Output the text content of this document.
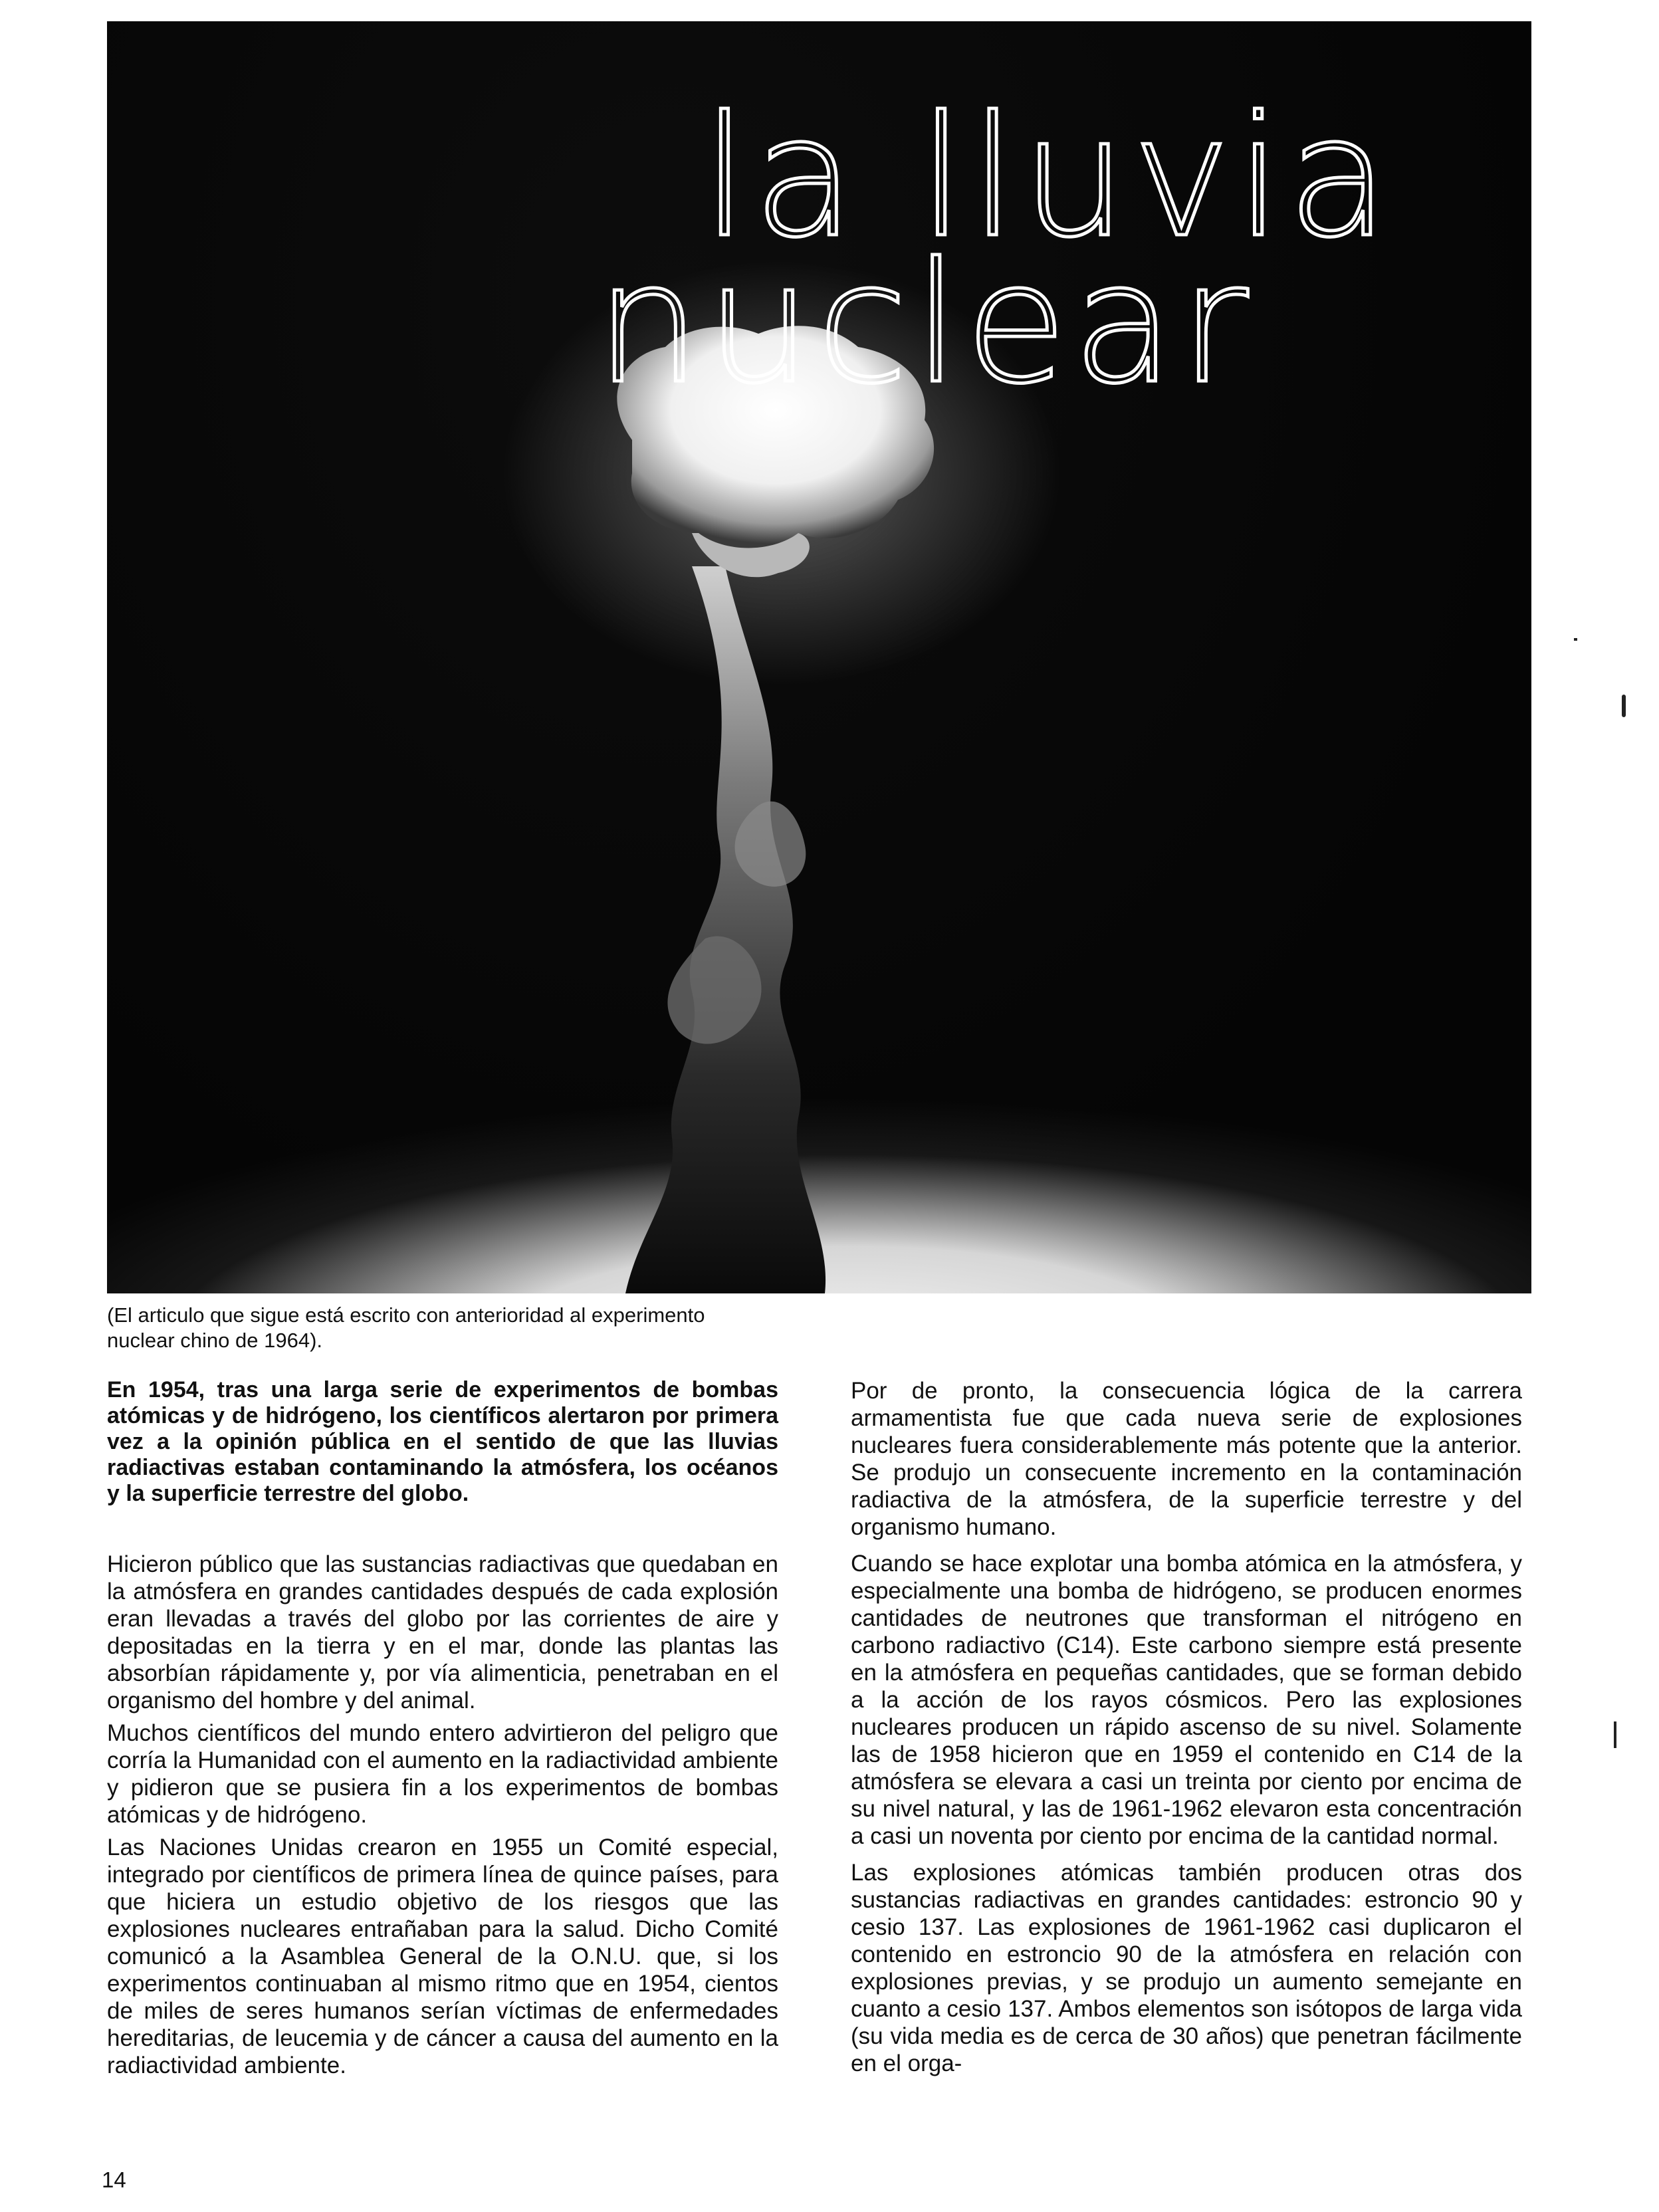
la lluvia
nuclear
(El articulo que sigue está escrito con anterioridad al experimento nuclear chino de 1964).

En 1954, tras una larga serie de experimentos de bombas atómicas y de hidrógeno, los científicos alertaron por primera vez a la opinión pública en el sentido de que las lluvias radiactivas estaban contaminando la atmósfera, los océanos y la superficie terrestre del globo.

Hicieron público que las sustancias radiactivas que quedaban en la atmósfera en grandes cantidades después de cada explosión eran llevadas a través del globo por las corrientes de aire y depositadas en la tierra y en el mar, donde las plantas las absorbían rápidamente y, por vía alimenticia, penetraban en el organismo del hombre y del animal.

Muchos científicos del mundo entero advirtieron del peligro que corría la Humanidad con el aumento en la radiactividad ambiente y pidieron que se pusiera fin a los experimentos de bombas atómicas y de hidrógeno.

Las Naciones Unidas crearon en 1955 un Comité especial, integrado por científicos de primera línea de quince países, para que hiciera un estudio objetivo de los riesgos que las explosiones nucleares entrañaban para la salud. Dicho Comité comunicó a la Asamblea General de la O.N.U. que, si los experimentos continuaban al mismo ritmo que en 1954, cientos de miles de seres humanos serían víctimas de enfermedades hereditarias, de leucemia y de cáncer a causa del aumento en la radiactividad ambiente.

Por de pronto, la consecuencia lógica de la carrera armamentista fue que cada nueva serie de explosiones nucleares fuera considerablemente más potente que la anterior. Se produjo un consecuente incremento en la contaminación radiactiva de la atmósfera, de la superficie terrestre y del organismo humano.

Cuando se hace explotar una bomba atómica en la atmósfera, y especialmente una bomba de hidrógeno, se producen enormes cantidades de neutrones que transforman el nitrógeno en carbono radiactivo (C14). Este carbono siempre está presente en la atmósfera en pequeñas cantidades, que se forman debido a la acción de los rayos cósmicos. Pero las explosiones nucleares producen un rápido ascenso de su nivel. Solamente las de 1958 hicieron que en 1959 el contenido en C14 de la atmósfera se elevara a casi un treinta por ciento por encima de su nivel natural, y las de 1961-1962 elevaron esta concentración a casi un noventa por ciento por encima de la cantidad normal.

Las explosiones atómicas también producen otras dos sustancias radiactivas en grandes cantidades: estroncio 90 y cesio 137. Las explosiones de 1961-1962 casi duplicaron el contenido en estroncio 90 de la atmósfera en relación con explosiones previas, y se produjo un aumento semejante en cuanto a cesio 137. Ambos elementos son isótopos de larga vida (su vida media es de cerca de 30 años) que penetran fácilmente en el orga-

14
